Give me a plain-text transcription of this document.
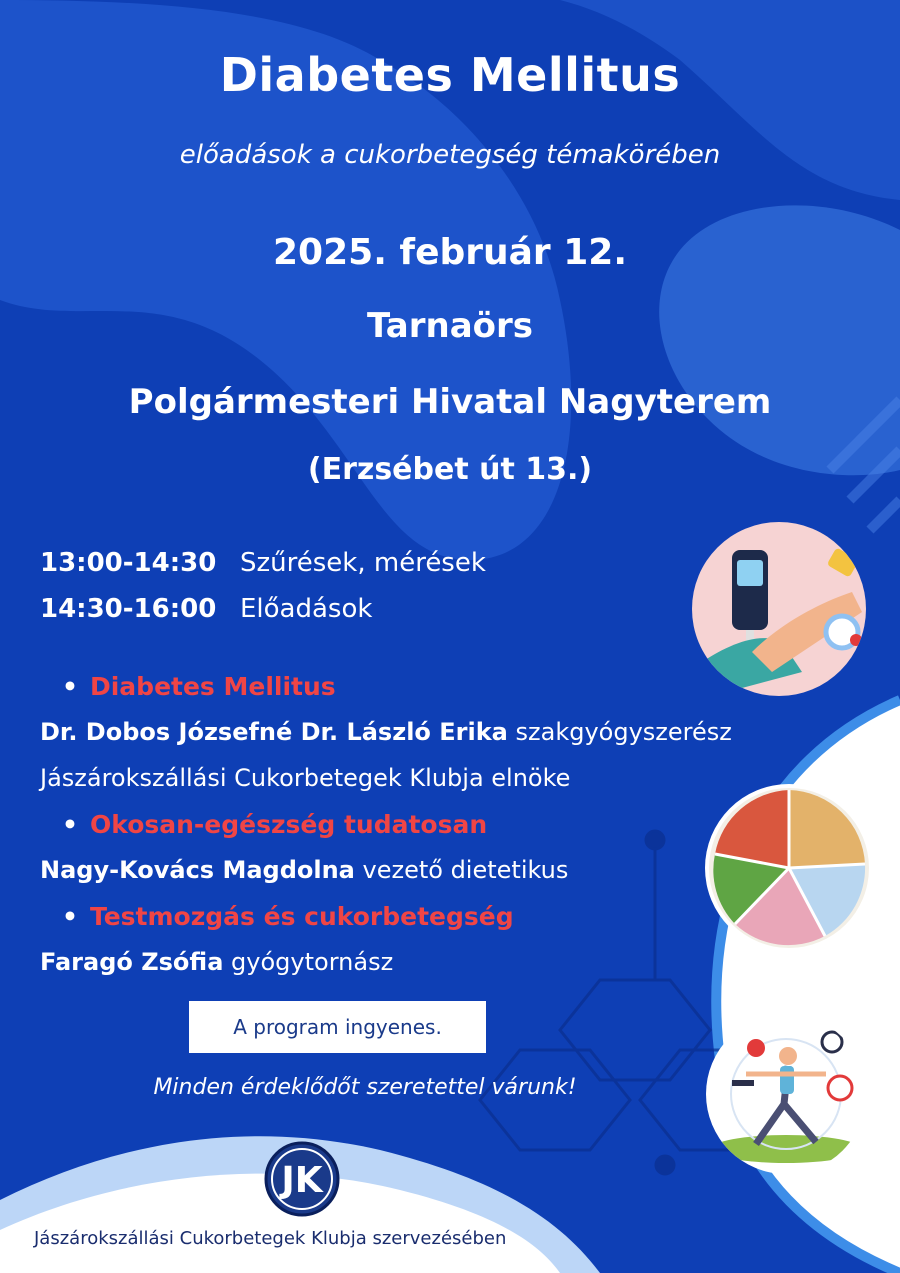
Diabetes Mellitus
előadások a cukorbetegség témakörében
2025. február 12.
Tarnaörs
Polgármesteri Hivatal Nagyterem
(Erzsébet út 13.)
13:00-14:30 Szűrések, mérések
14:30-16:00 Előadások
• Diabetes Mellitus
Dr. Dobos Józsefné Dr. László Erika szakgyógyszerész
Jászárokszállási Cukorbetegek Klubja elnöke
• Okosan-egészség tudatosan
Nagy-Kovács Magdolna vezető dietetikus
• Testmozgás és cukorbetegség
Faragó Zsófia gyógytornász
A program ingyenes.
Minden érdeklődőt szeretettel várunk!
JK
Jászárokszállási Cukorbetegek Klubja szervezésében
